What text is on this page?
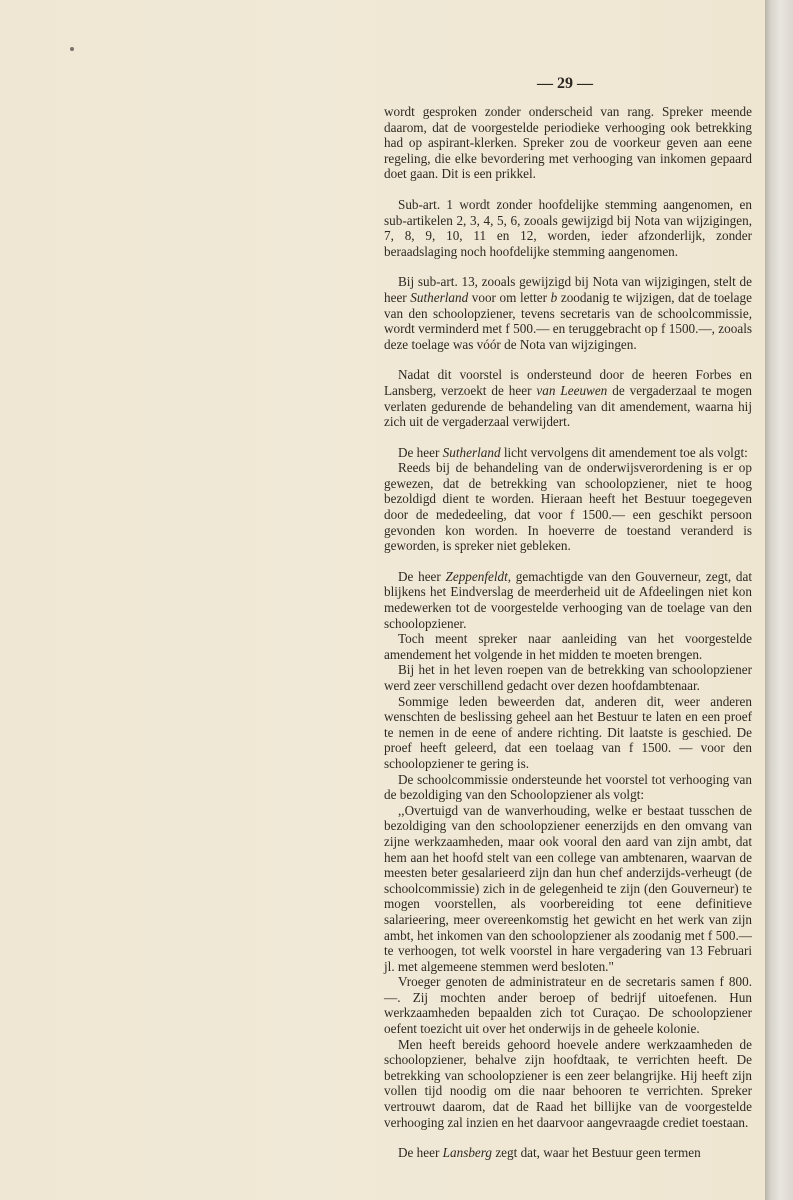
— 29 —

wordt gesproken zonder onderscheid van rang. Spreker meende daarom, dat de voorgestelde periodieke verhooging ook betrekking had op aspirant-klerken. Spreker zou de voorkeur geven aan eene regeling, die elke bevordering met verhooging van inkomen gepaard doet gaan. Dit is een prikkel.

Sub-art. 1 wordt zonder hoofdelijke stemming aangenomen, en sub-artikelen 2, 3, 4, 5, 6, zooals gewijzigd bij Nota van wijzigingen, 7, 8, 9, 10, 11 en 12, worden, ieder afzonderlijk, zonder beraadslaging noch hoofdelijke stemming aangenomen.

Bij sub-art. 13, zooals gewijzigd bij Nota van wijzigingen, stelt de heer Sutherland voor om letter b zoodanig te wijzigen, dat de toelage van den schoolopziener, tevens secretaris van de schoolcommissie, wordt verminderd met f 500.— en teruggebracht op f 1500.—, zooals deze toelage was vóór de Nota van wijzigingen.

Nadat dit voorstel is ondersteund door de heeren Forbes en Lansberg, verzoekt de heer van Leeuwen de vergaderzaal te mogen verlaten gedurende de behandeling van dit amendement, waarna hij zich uit de vergaderzaal verwijdert.

De heer Sutherland licht vervolgens dit amendement toe als volgt:

Reeds bij de behandeling van de onderwijsverordening is er op gewezen, dat de betrekking van schoolopziener, niet te hoog bezoldigd dient te worden. Hieraan heeft het Bestuur toegegeven door de mededeeling, dat voor f 1500.— een geschikt persoon gevonden kon worden. In hoeverre de toestand veranderd is geworden, is spreker niet gebleken.

De heer Zeppenfeldt, gemachtigde van den Gouverneur, zegt, dat blijkens het Eindverslag de meerderheid uit de Afdeelingen niet kon medewerken tot de voorgestelde verhooging van de toelage van den schoolopziener.

Toch meent spreker naar aanleiding van het voorgestelde amendement het volgende in het midden te moeten brengen.

Bij het in het leven roepen van de betrekking van schoolopziener werd zeer verschillend gedacht over dezen hoofdambtenaar.

Sommige leden beweerden dat, anderen dit, weer anderen wenschten de beslissing geheel aan het Bestuur te laten en een proef te nemen in de eene of andere richting. Dit laatste is geschied. De proef heeft geleerd, dat een toelaag van f 1500. — voor den schoolopziener te gering is.

De schoolcommissie ondersteunde het voorstel tot verhooging van de bezoldiging van den Schoolopziener als volgt:

,,Overtuigd van de wanverhouding, welke er bestaat tusschen de bezoldiging van den schoolopziener eenerzijds en den omvang van zijne werkzaamheden, maar ook vooral den aard van zijn ambt, dat hem aan het hoofd stelt van een college van ambtenaren, waarvan de meesten beter gesalarieerd zijn dan hun chef anderzijds-verheugt (de schoolcommissie) zich in de gelegenheid te zijn (den Gouverneur) te mogen voorstellen, als voorbereiding tot eene definitieve salarieering, meer overeenkomstig het gewicht en het werk van zijn ambt, het inkomen van den schoolopziener als zoodanig met f 500.— te verhoogen, tot welk voorstel in hare vergadering van 13 Februari jl. met algemeene stemmen werd besloten."

Vroeger genoten de administrateur en de secretaris samen f 800.—. Zij mochten ander beroep of bedrijf uitoefenen. Hun werkzaamheden bepaalden zich tot Curaçao. De schoolopziener oefent toezicht uit over het onderwijs in de geheele kolonie.

Men heeft bereids gehoord hoevele andere werkzaamheden de schoolopziener, behalve zijn hoofdtaak, te verrichten heeft. De betrekking van schoolopziener is een zeer belangrijke. Hij heeft zijn vollen tijd noodig om die naar behooren te verrichten. Spreker vertrouwt daarom, dat de Raad het billijke van de voorgestelde verhooging zal inzien en het daarvoor aangevraagde crediet toestaan.

De heer Lansberg zegt dat, waar het Bestuur geen termen
